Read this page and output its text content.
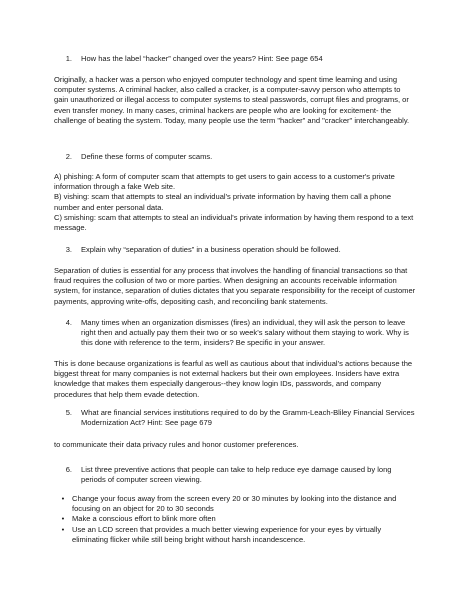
1.	How has the label “hacker” changed over the years? Hint: See page 654

Originally, a hacker was a person who enjoyed computer technology and spent time learning and using computer systems. A criminal hacker, also called a cracker, is a computer-savvy person who attempts to gain unauthorized or illegal access to computer systems to steal passwords, corrupt files and programs, or even transfer money. In many cases, criminal hackers are people who are looking for excitement- the challenge of beating the system. Today, many people use the term "hacker" and "cracker" interchangeably.

2.	Define these forms of computer scams.

A) phishing: A form of computer scam that attempts to get users to gain access to a customer's private information through a fake Web site.

B) vishing: scam that attempts to steal an individual's private information by having them call a phone number and enter personal data.

C) smishing: scam that attempts to steal an individual's private information by having them respond to a text message.

3.	Explain why “separation of duties” in a business operation should be followed.

Separation of duties is essential for any process that involves the handling of financial transactions so that fraud requires the collusion of two or more parties. When designing an accounts receivable information system, for instance, separation of duties dictates that you separate responsibility for the receipt of customer payments, approving write-offs, depositing cash, and reconciling bank statements.

4.	Many times when an organization dismisses (fires) an individual, they will ask the person to leave right then and actually pay them their two or so week’s salary without them staying to work. Why is this done with reference to the term, insiders? Be specific in your answer.

This is done because organizations is fearful as well as cautious about that individual’s actions because the biggest threat for many companies is not external hackers but their own employees. Insiders have extra knowledge that makes them especially dangerous--they know login IDs, passwords, and company procedures that help them evade detection.

5.	What are financial services institutions required to do by the Gramm-Leach-Bliley Financial Services Modernization Act? Hint: See page 679

to communicate their data privacy rules and honor customer preferences.

6.	List three preventive actions that people can take to help reduce eye damage caused by long periods of computer screen viewing.

•	Change your focus away from the screen every 20 or 30 minutes by looking into the distance and focusing on an object for 20 to 30 seconds
•	Make a conscious effort to blink more often
•	Use an LCD screen that provides a much better viewing experience for your eyes by virtually eliminating flicker while still being bright without harsh incandescence.
